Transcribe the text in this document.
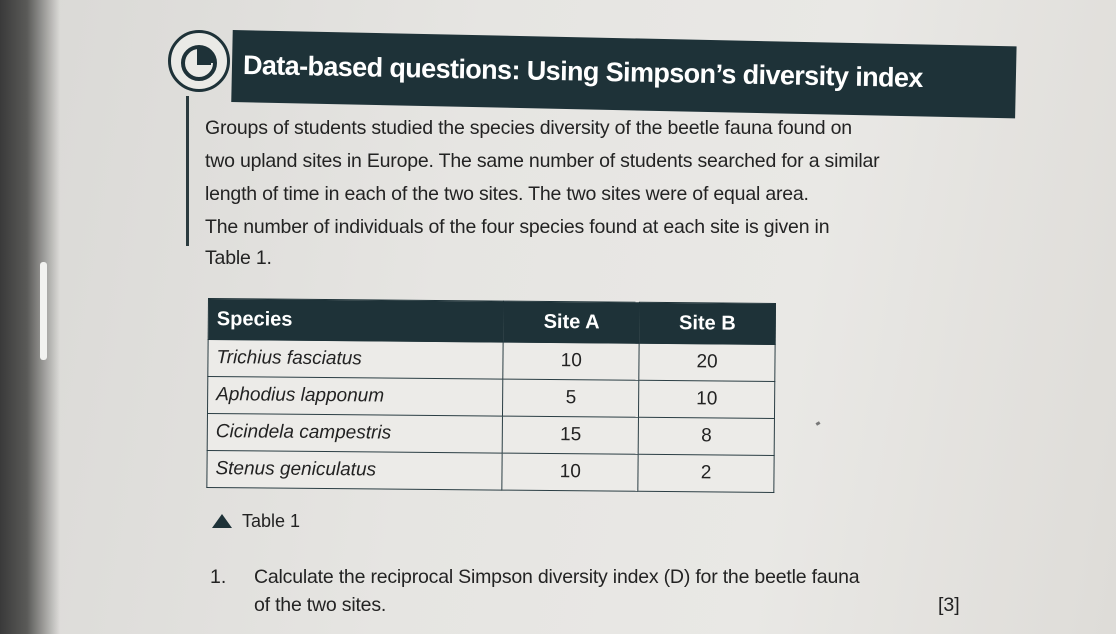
Data-based questions: Using Simpson’s diversity index
Groups of students studied the species diversity of the beetle fauna found on
two upland sites in Europe. The same number of students searched for a similar
length of time in each of the two sites. The two sites were of equal area.
The number of individuals of the four species found at each site is given in
Table 1.
Species	Site A	Site B
Trichius fasciatus	10	20
Aphodius lapponum	5	10
Cicindela campestris	15	8
Stenus geniculatus	10	2
Table 1
1. Calculate the reciprocal Simpson diversity index (D) for the beetle fauna
of the two sites.	[3]
